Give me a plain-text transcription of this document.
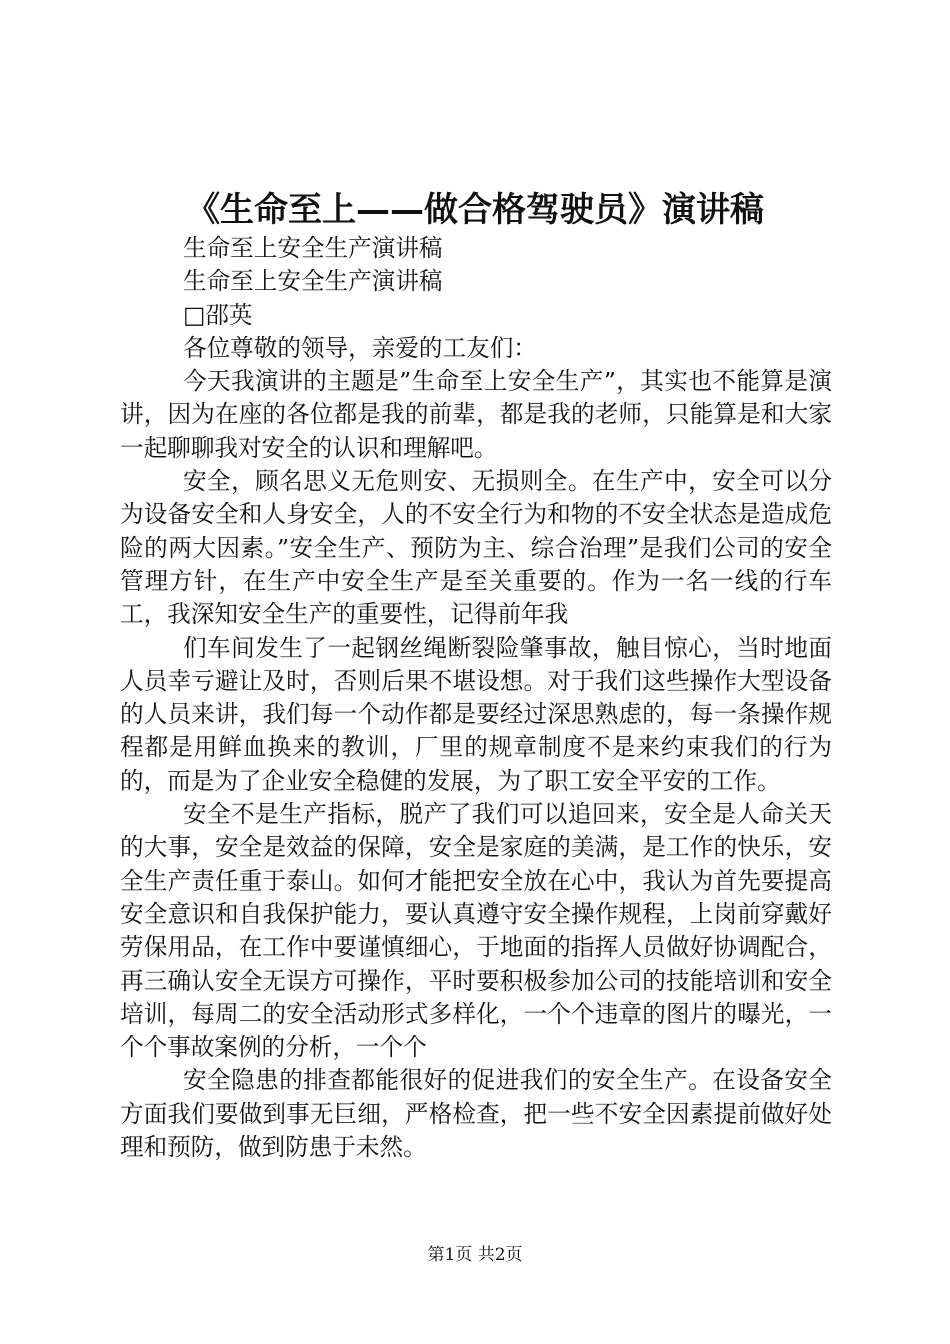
《生命至上——做合格驾驶员》演讲稿
生命至上安全生产演讲稿
生命至上安全生产演讲稿
□邵英
各位尊敬的领导，亲爱的工友们：

今天我演讲的主题是”生命至上安全生产”，其实也不能算是演讲，因为在座的各位都是我的前辈，都是我的老师，只能算是和大家一起聊聊我对安全的认识和理解吧。

安全，顾名思义无危则安、无损则全。在生产中，安全可以分为设备安全和人身安全，人的不安全行为和物的不安全状态是造成危险的两大因素。”安全生产、预防为主、综合治理”是我们公司的安全管理方针，在生产中安全生产是至关重要的。作为一名一线的行车工，我深知安全生产的重要性，记得前年我

们车间发生了一起钢丝绳断裂险肇事故，触目惊心，当时地面人员幸亏避让及时，否则后果不堪设想。对于我们这些操作大型设备的人员来讲，我们每一个动作都是要经过深思熟虑的，每一条操作规程都是用鲜血换来的教训，厂里的规章制度不是来约束我们的行为的，而是为了企业安全稳健的发展，为了职工安全平安的工作。

安全不是生产指标，脱产了我们可以追回来，安全是人命关天的大事，安全是效益的保障，安全是家庭的美满，是工作的快乐，安全生产责任重于泰山。如何才能把安全放在心中，我认为首先要提高安全意识和自我保护能力，要认真遵守安全操作规程，上岗前穿戴好劳保用品，在工作中要谨慎细心，于地面的指挥人员做好协调配合，再三确认安全无误方可操作，平时要积极参加公司的技能培训和安全培训，每周二的安全活动形式多样化，一个个违章的图片的曝光，一个个事故案例的分析，一个个

安全隐患的排查都能很好的促进我们的安全生产。在设备安全方面我们要做到事无巨细，严格检查，把一些不安全因素提前做好处理和预防，做到防患于未然。

第1页 共2页
